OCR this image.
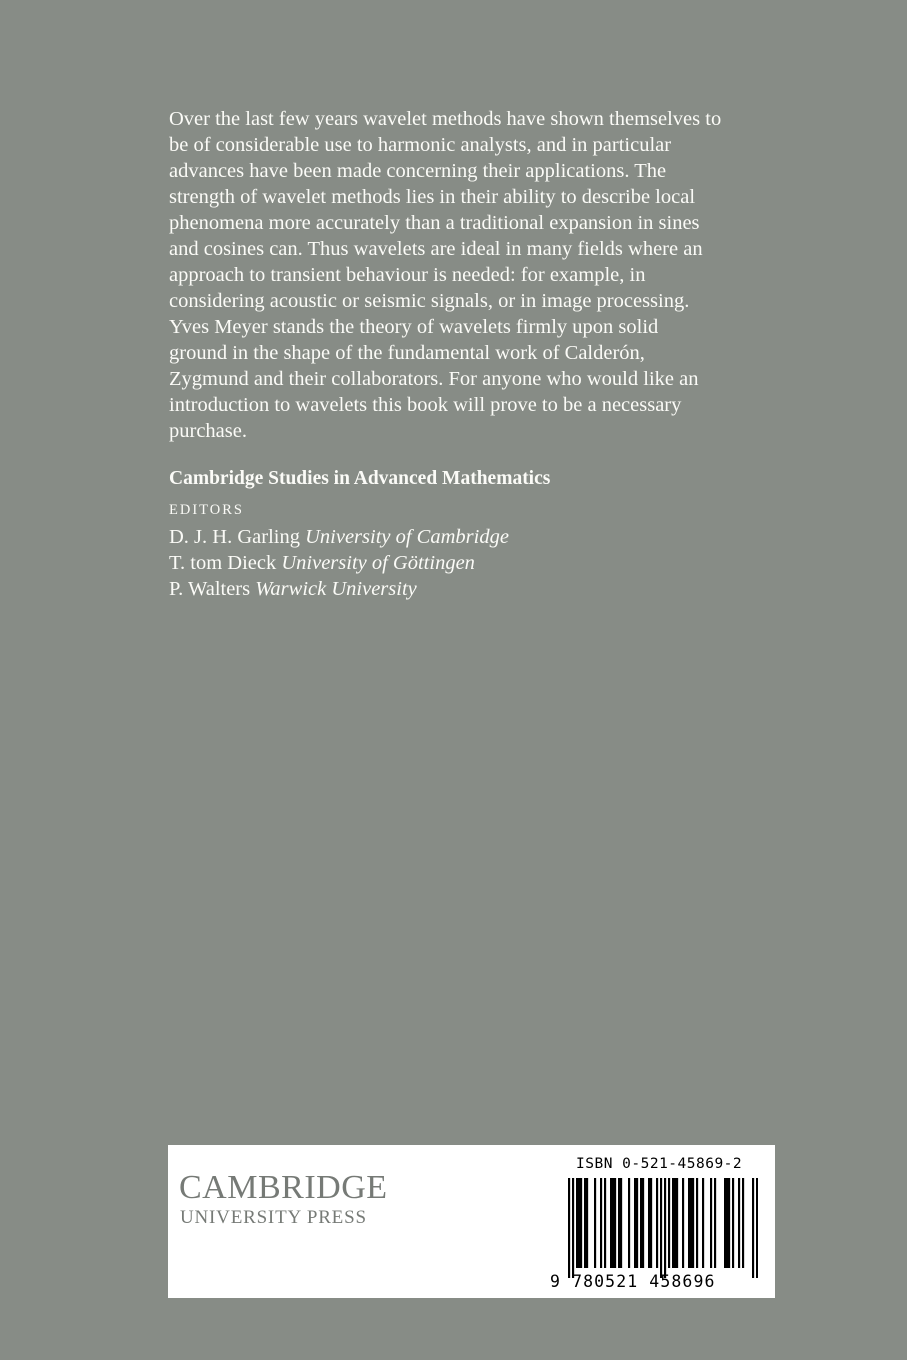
Over the last few years wavelet methods have shown themselves to
be of considerable use to harmonic analysts, and in particular
advances have been made concerning their applications. The
strength of wavelet methods lies in their ability to describe local
phenomena more accurately than a traditional expansion in sines
and cosines can. Thus wavelets are ideal in many fields where an
approach to transient behaviour is needed: for example, in
considering acoustic or seismic signals, or in image processing.
Yves Meyer stands the theory of wavelets firmly upon solid
ground in the shape of the fundamental work of Calderón,
Zygmund and their collaborators. For anyone who would like an
introduction to wavelets this book will prove to be a necessary
purchase.
Cambridge Studies in Advanced Mathematics
EDITORS
D. J. H. Garling University of Cambridge
T. tom Dieck University of Göttingen
P. Walters Warwick University
CAMBRIDGE
UNIVERSITY PRESS
ISBN 0-521-45869-2
9 780521 458696
